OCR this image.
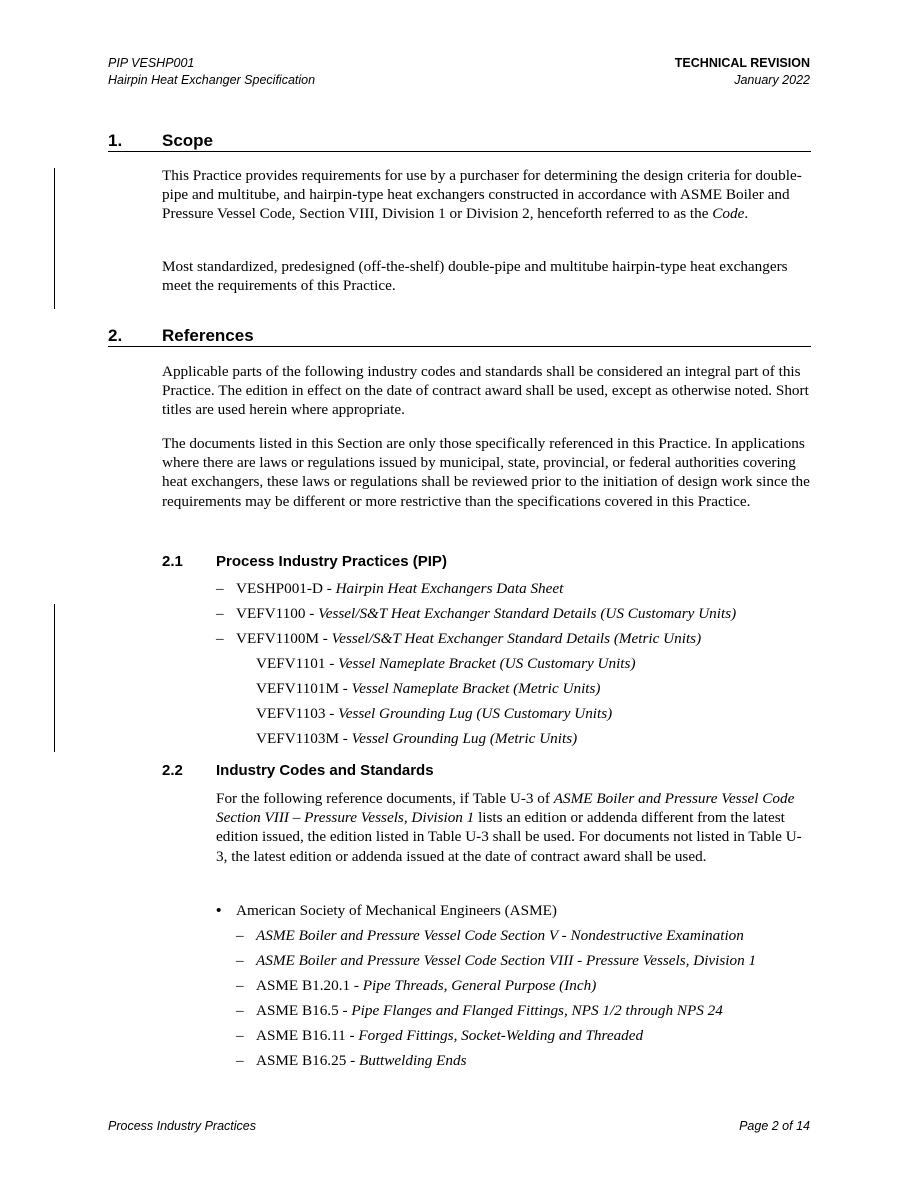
PIP VESHP001
Hairpin Heat Exchanger Specification
TECHNICAL REVISION
January 2022
1. Scope
This Practice provides requirements for use by a purchaser for determining the design criteria for double-pipe and multitube, and hairpin-type heat exchangers constructed in accordance with ASME Boiler and Pressure Vessel Code, Section VIII, Division 1 or Division 2, henceforth referred to as the Code.
Most standardized, predesigned (off-the-shelf) double-pipe and multitube hairpin-type heat exchangers meet the requirements of this Practice.
2. References
Applicable parts of the following industry codes and standards shall be considered an integral part of this Practice. The edition in effect on the date of contract award shall be used, except as otherwise noted. Short titles are used herein where appropriate.
The documents listed in this Section are only those specifically referenced in this Practice. In applications where there are laws or regulations issued by municipal, state, provincial, or federal authorities covering heat exchangers, these laws or regulations shall be reviewed prior to the initiation of design work since the requirements may be different or more restrictive than the specifications covered in this Practice.
2.1 Process Industry Practices (PIP)
– VESHP001-D - Hairpin Heat Exchangers Data Sheet
– VEFV1100 - Vessel/S&T Heat Exchanger Standard Details (US Customary Units)
– VEFV1100M - Vessel/S&T Heat Exchanger Standard Details (Metric Units)
VEFV1101 - Vessel Nameplate Bracket (US Customary Units)
VEFV1101M - Vessel Nameplate Bracket (Metric Units)
VEFV1103 - Vessel Grounding Lug (US Customary Units)
VEFV1103M - Vessel Grounding Lug (Metric Units)
2.2 Industry Codes and Standards
For the following reference documents, if Table U-3 of ASME Boiler and Pressure Vessel Code Section VIII – Pressure Vessels, Division 1 lists an edition or addenda different from the latest edition issued, the edition listed in Table U-3 shall be used. For documents not listed in Table U-3, the latest edition or addenda issued at the date of contract award shall be used.
• American Society of Mechanical Engineers (ASME)
– ASME Boiler and Pressure Vessel Code Section V - Nondestructive Examination
– ASME Boiler and Pressure Vessel Code Section VIII - Pressure Vessels, Division 1
– ASME B1.20.1 - Pipe Threads, General Purpose (Inch)
– ASME B16.5 - Pipe Flanges and Flanged Fittings, NPS 1/2 through NPS 24
– ASME B16.11 - Forged Fittings, Socket-Welding and Threaded
– ASME B16.25 - Buttwelding Ends
Process Industry Practices	Page 2 of 14
